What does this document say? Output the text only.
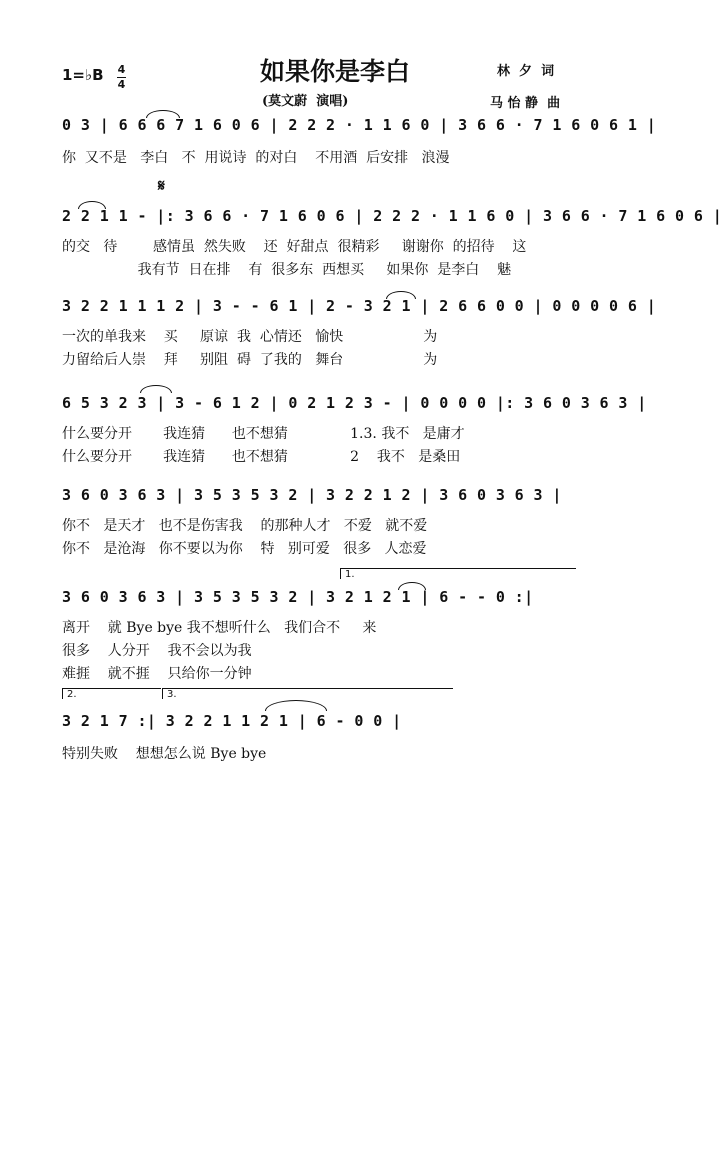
如果你是李白
(莫文蔚  演唱)
林  夕  词
马 怡 静  曲
1=♭B 4
4
0 3 | 6 6 6 7 1 6 0 6 | 2 2 2 · 1 1 6 0 | 3 6 6 · 7 1 6 0 6 1 |
你  又不是   李白   不  用说诗  的对白    不用酒  后安排   浪漫
𝄋
2 2 1 1 - |: 3 6 6 · 7 1 6 0 6 | 2 2 2 · 1 1 6 0 | 3 6 6 · 7 1 6 0 6 |
的交   待        感情虽  然失败    还  好甜点  很精彩     谢谢你  的招待    这
我有节  日在排    有  很多东  西想买     如果你  是李白    魅
3 2 2 1 1 1 2 | 3 - - 6 1 | 2 - 3 2 1 | 2 6 6 0 0 | 0 0 0 0 6 |
一次的单我来    买     原谅  我  心情还   愉快                  为
力留给后人崇    拜     别阻  碍  了我的   舞台                  为
6 5 3 2 3 | 3 - 6 1 2 | 0 2 1 2 3 - | 0 0 0 0 |: 3 6 0 3 6 3 |
什么要分开       我连猜      也不想猜              1.3. 我不   是庸才
什么要分开       我连猜      也不想猜              2    我不   是桑田
3 6 0 3 6 3 | 3 5 3 5 3 2 | 3 2 2 1 2 | 3 6 0 3 6 3 |
你不   是天才   也不是伤害我    的那种人才   不爱   就不爱
你不   是沧海   你不要以为你    特   别可爱   很多   人恋爱
1.
3 6 0 3 6 3 | 3 5 3 5 3 2 | 3 2 1 2 1 | 6 - - 0 :|
离开    就 Bye bye 我不想听什么   我们合不     来
很多    人分开    我不会以为我
难捱    就不捱    只给你一分钟
2.	3.
3 2 1 7 :| 3 2 2 1 1 2 1 | 6 - 0 0 |
特别失败    想想怎么说 Bye bye
